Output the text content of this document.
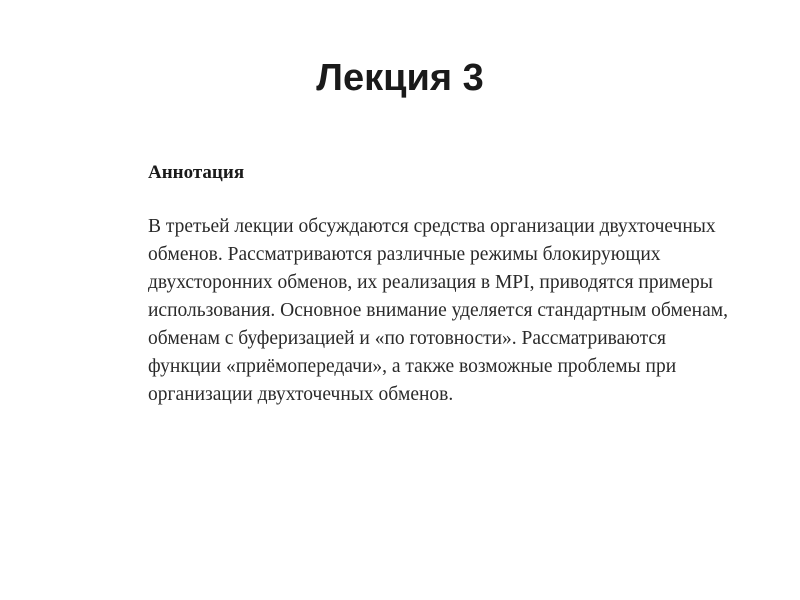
Лекция 3
Аннотация
В третьей лекции обсуждаются средства организации двухточечных
обменов. Рассматриваются различные режимы блокирующих
двухсторонних обменов, их реализация в MPI, приводятся примеры
использования. Основное внимание уделяется стандартным обменам,
обменам с буферизацией и «по готовности». Рассматриваются
функции «приёмопередачи», а также возможные проблемы при
организации двухточечных обменов.
